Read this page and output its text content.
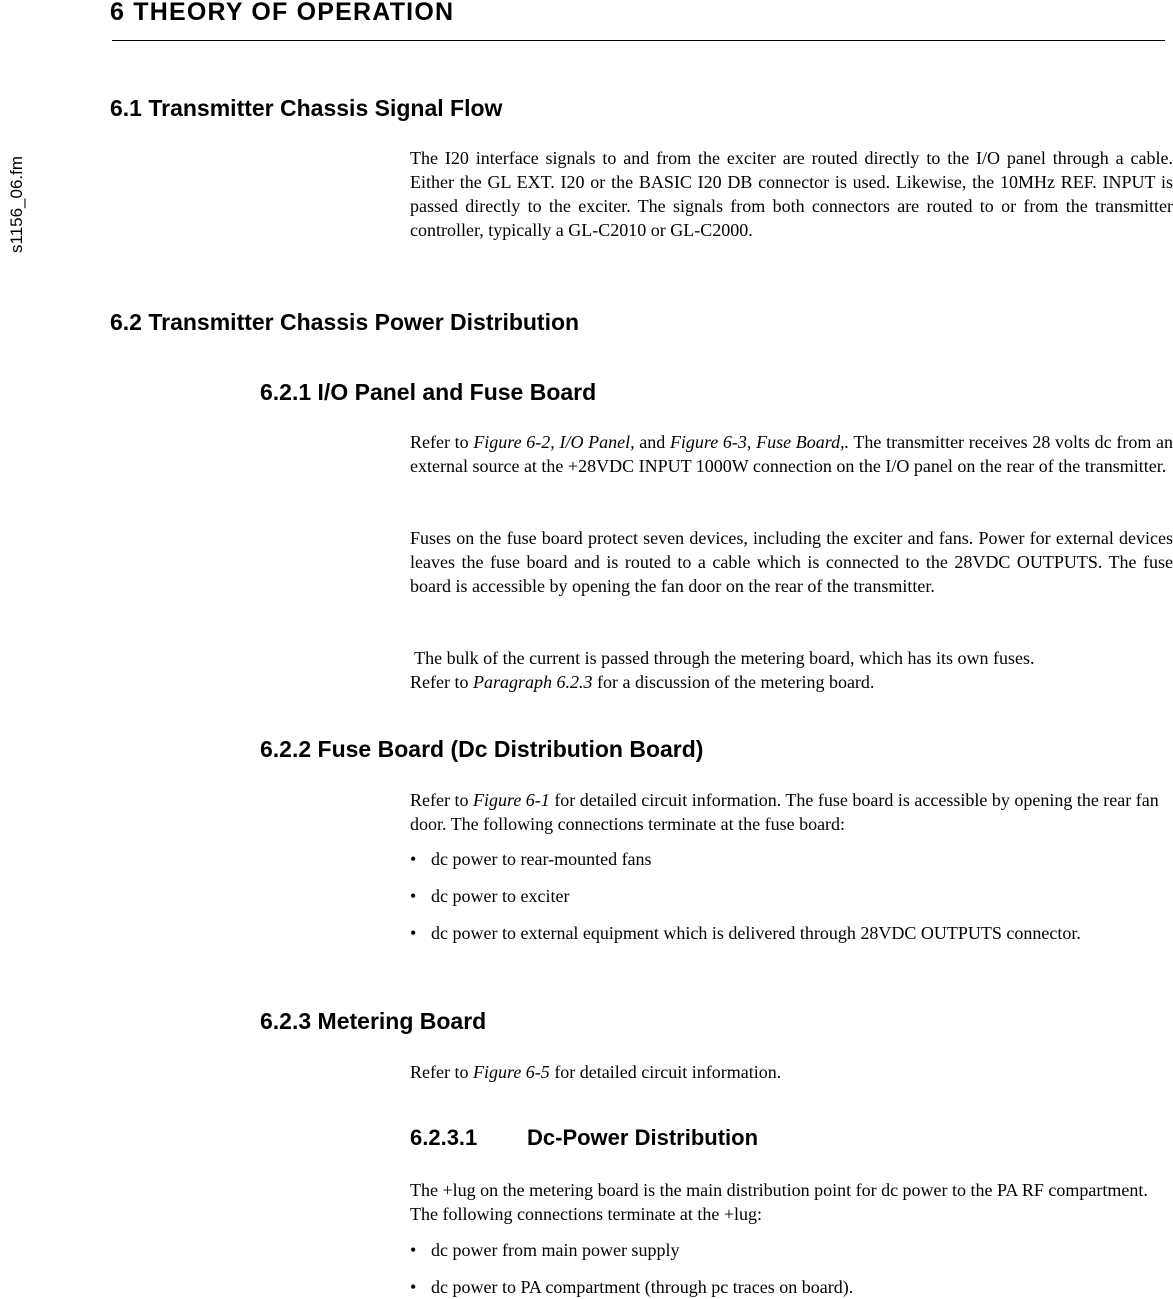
s1156_06.fm
6 THEORY OF OPERATION
6.1 Transmitter Chassis Signal Flow

The I20 interface signals to and from the exciter are routed directly to the I/O panel through a cable. Either the GL EXT. I20 or the BASIC I20 DB connector is used. Likewise, the 10MHz REF. INPUT is passed directly to the exciter. The signals from both connectors are routed to or from the transmitter controller, typically a GL-C2010 or GL-C2000.

6.2 Transmitter Chassis Power Distribution
6.2.1 I/O Panel and Fuse Board

Refer to Figure 6-2, I/O Panel, and Figure 6-3, Fuse Board,. The transmitter receives 28 volts dc from an external source at the +28VDC INPUT 1000W connection on the I/O panel on the rear of the transmitter.

Fuses on the fuse board protect seven devices, including the exciter and fans. Power for external devices leaves the fuse board and is routed to a cable which is connected to the 28VDC OUTPUTS. The fuse board is accessible by opening the fan door on the rear of the transmitter.

The bulk of the current is passed through the metering board, which has its own fuses.

Refer to Paragraph 6.2.3 for a discussion of the metering board.

6.2.2 Fuse Board (Dc Distribution Board)

Refer to Figure 6-1 for detailed circuit information. The fuse board is accessible by opening the rear fan door. The following connections terminate at the fuse board:

• dc power to rear-mounted fans
• dc power to exciter
• dc power to external equipment which is delivered through 28VDC OUTPUTS connector.
6.2.3 Metering Board

Refer to Figure 6-5 for detailed circuit information.

6.2.3.1 Dc-Power Distribution

The +lug on the metering board is the main distribution point for dc power to the PA RF compartment. The following connections terminate at the +lug:

• dc power from main power supply
• dc power to PA compartment (through pc traces on board).
